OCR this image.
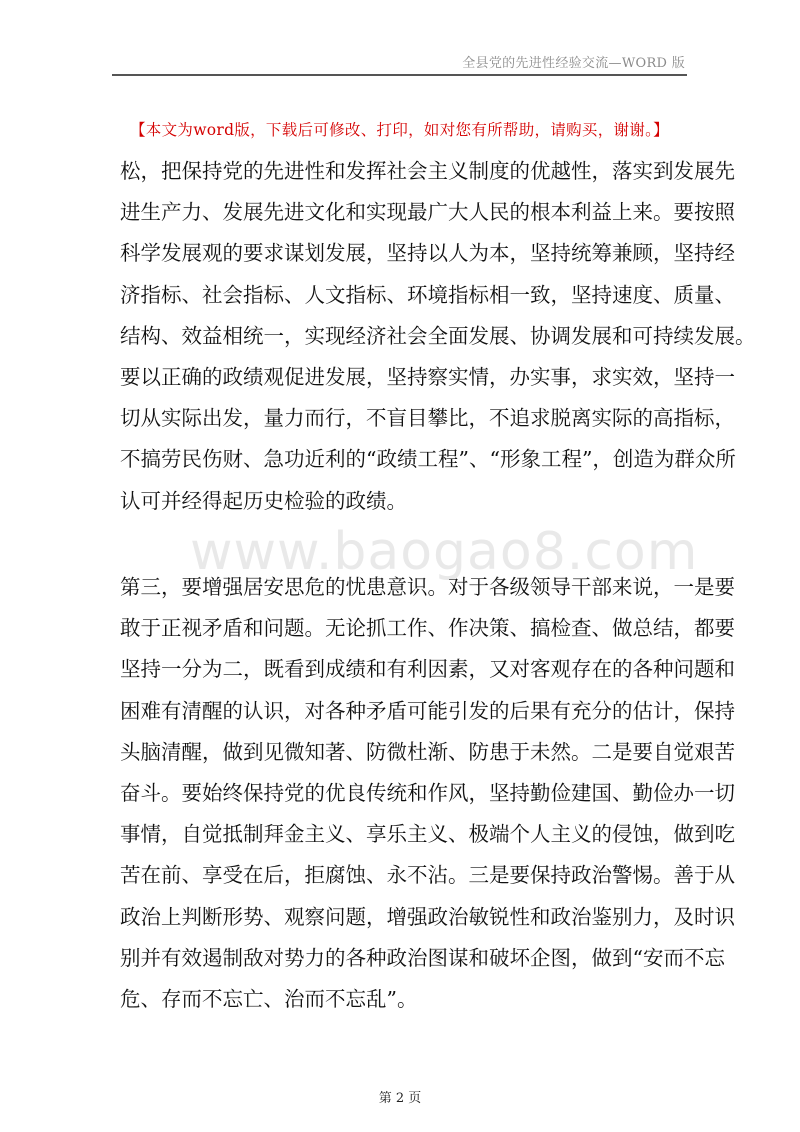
全县党的先进性经验交流—WORD 版
【本文为word版，下载后可修改、打印，如对您有所帮助，请购买，谢谢。】
www.baogao8.com
松，把保持党的先进性和发挥社会主义制度的优越性，落实到发展先
进生产力、发展先进文化和实现最广大人民的根本利益上来。要按照
科学发展观的要求谋划发展，坚持以人为本，坚持统筹兼顾，坚持经
济指标、社会指标、人文指标、环境指标相一致，坚持速度、质量、
结构、效益相统一，实现经济社会全面发展、协调发展和可持续发展。
要以正确的政绩观促进发展，坚持察实情，办实事，求实效，坚持一
切从实际出发，量力而行，不盲目攀比，不追求脱离实际的高指标，
不搞劳民伤财、急功近利的“政绩工程”、“形象工程”，创造为群众所
认可并经得起历史检验的政绩。
第三，要增强居安思危的忧患意识。对于各级领导干部来说，一是要
敢于正视矛盾和问题。无论抓工作、作决策、搞检查、做总结，都要
坚持一分为二，既看到成绩和有利因素，又对客观存在的各种问题和
困难有清醒的认识，对各种矛盾可能引发的后果有充分的估计，保持
头脑清醒，做到见微知著、防微杜渐、防患于未然。二是要自觉艰苦
奋斗。要始终保持党的优良传统和作风，坚持勤俭建国、勤俭办一切
事情，自觉抵制拜金主义、享乐主义、极端个人主义的侵蚀，做到吃
苦在前、享受在后，拒腐蚀、永不沾。三是要保持政治警惕。善于从
政治上判断形势、观察问题，增强政治敏锐性和政治鉴别力，及时识
别并有效遏制敌对势力的各种政治图谋和破坏企图，做到“安而不忘
危、存而不忘亡、治而不忘乱”。
第 2 页
